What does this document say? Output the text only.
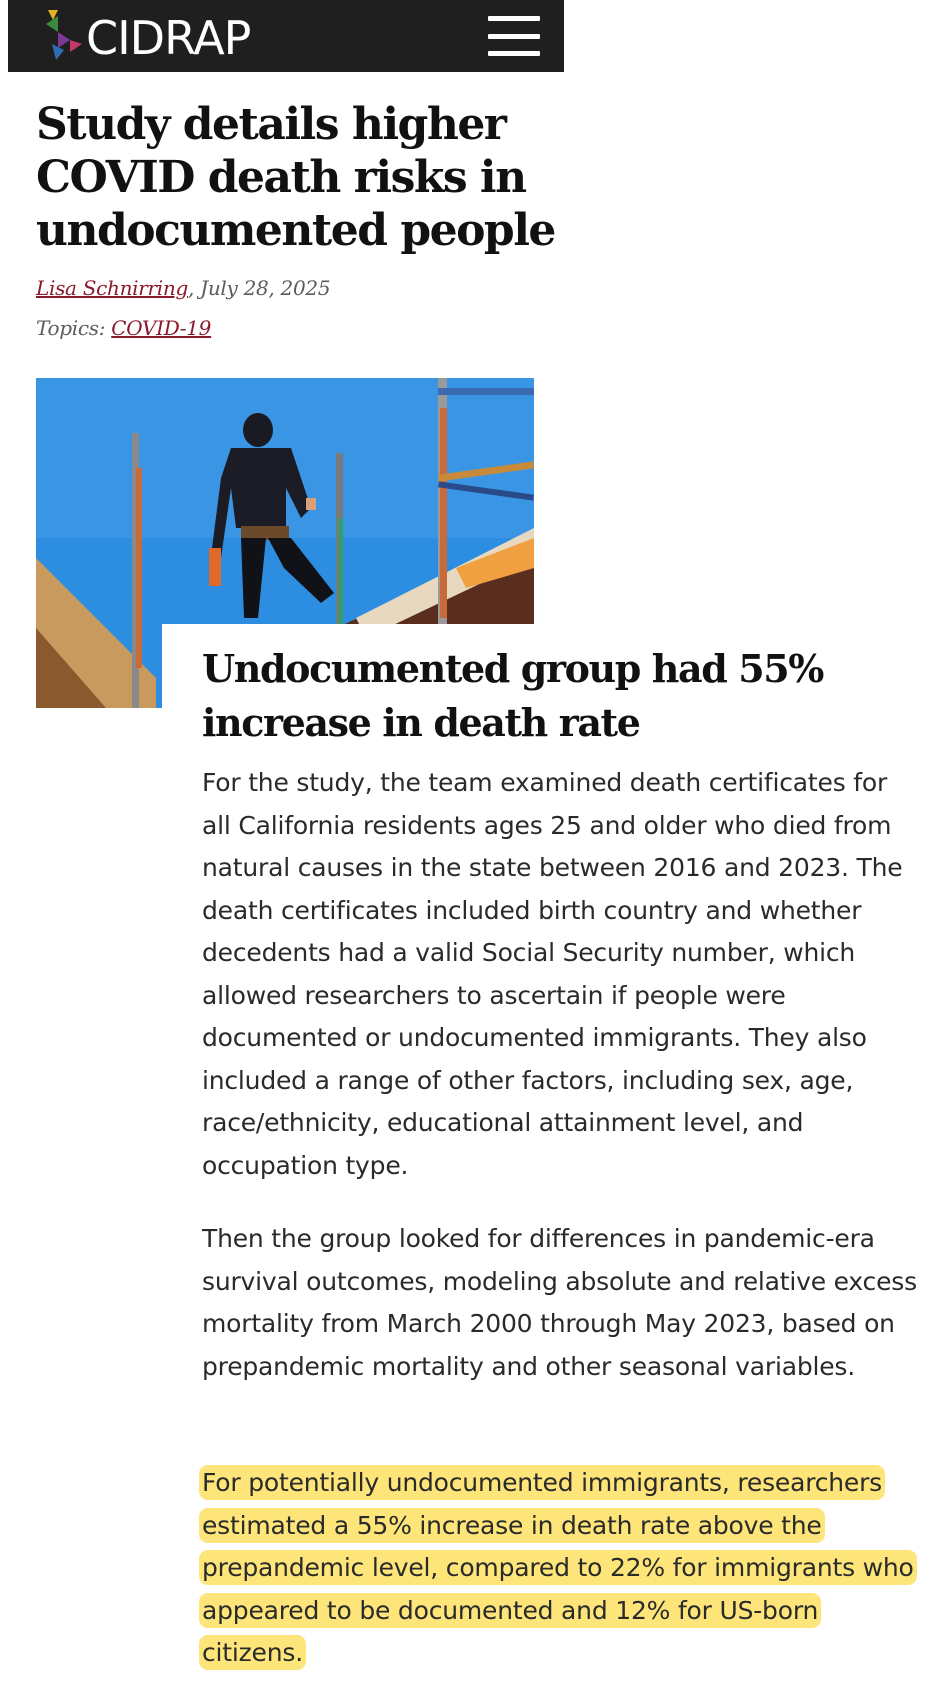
CIDRAP
Study details higher COVID death risks in undocumented people
Lisa Schnirring, July 28, 2025
Topics: COVID-19
Undocumented group had 55% increase in death rate

For the study, the team examined death certificates for all California residents ages 25 and older who died from natural causes in the state between 2016 and 2023. The death certificates included birth country and whether decedents had a valid Social Security number, which allowed researchers to ascertain if people were documented or undocumented immigrants. They also included a range of other factors, including sex, age, race/ethnicity, educational attainment level, and occupation type.

Then the group looked for differences in pandemic-era survival outcomes, modeling absolute and relative excess mortality from March 2000 through May 2023, based on prepandemic mortality and other seasonal variables.

For potentially undocumented immigrants, researchers estimated a 55% increase in death rate above the prepandemic level, compared to 22% for immigrants who appeared to be documented and 12% for US-born citizens.
